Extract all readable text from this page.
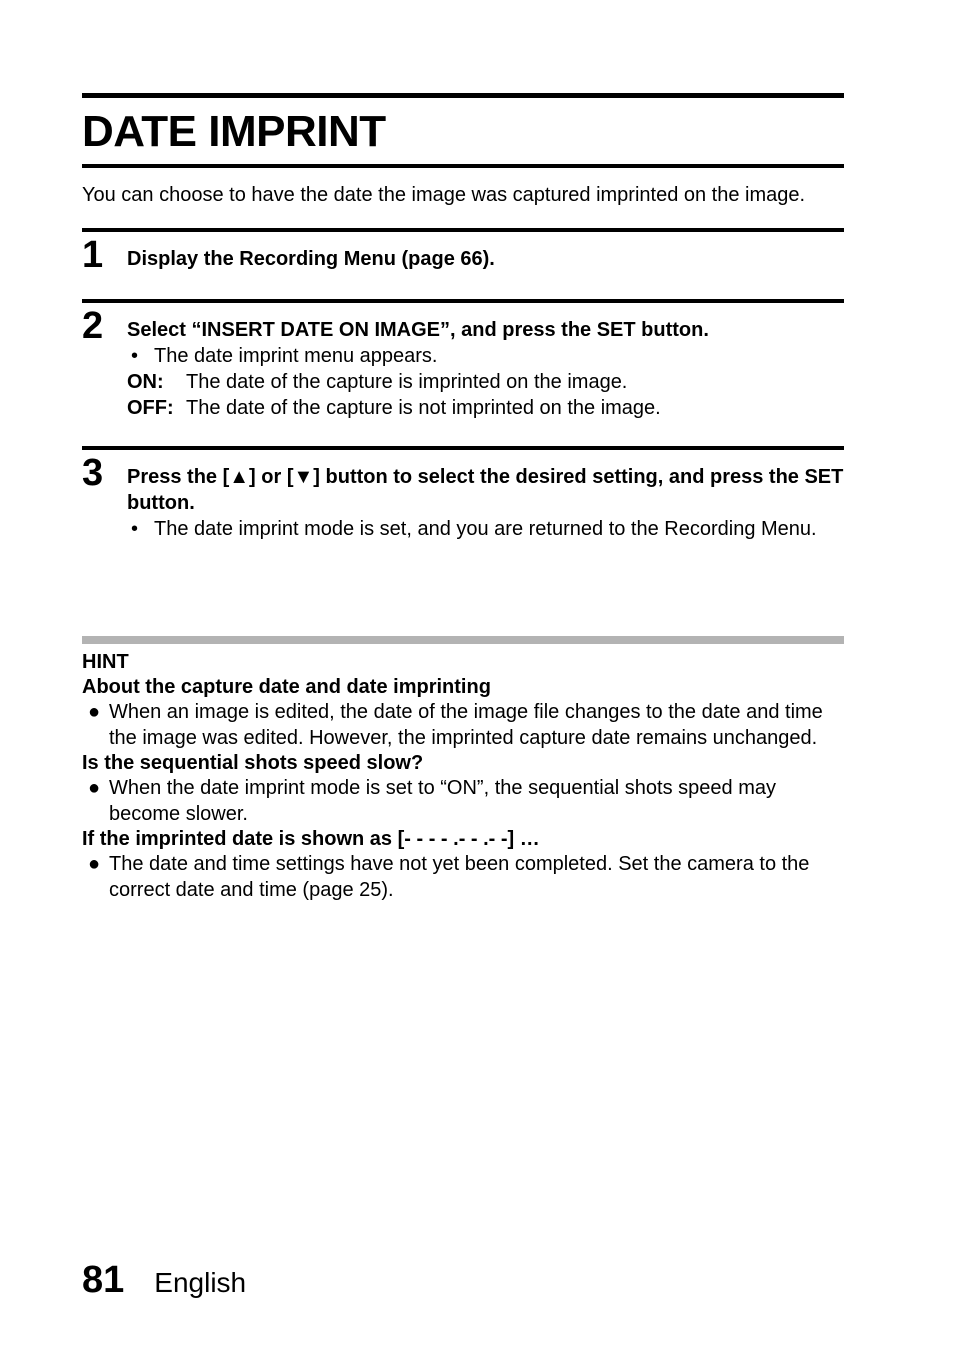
DATE IMPRINT
You can choose to have the date the image was captured imprinted on the image.
1 Display the Recording Menu (page 66).
2 Select “INSERT DATE ON IMAGE”, and press the SET button.
• The date imprint menu appears.
ON:	The date of the capture is imprinted on the image.
OFF: The date of the capture is not imprinted on the image.
3 Press the [▲] or [▼] button to select the desired setting, and press the SET button.
• The date imprint mode is set, and you are returned to the Recording Menu.
HINT
About the capture date and date imprinting
● When an image is edited, the date of the image file changes to the date and time the image was edited. However, the imprinted capture date remains unchanged.
Is the sequential shots speed slow?
● When the date imprint mode is set to “ON”, the sequential shots speed may become slower.
If the imprinted date is shown as [- - - - .- - .- -] …
● The date and time settings have not yet been completed. Set the camera to the correct date and time (page 25).
81 English
